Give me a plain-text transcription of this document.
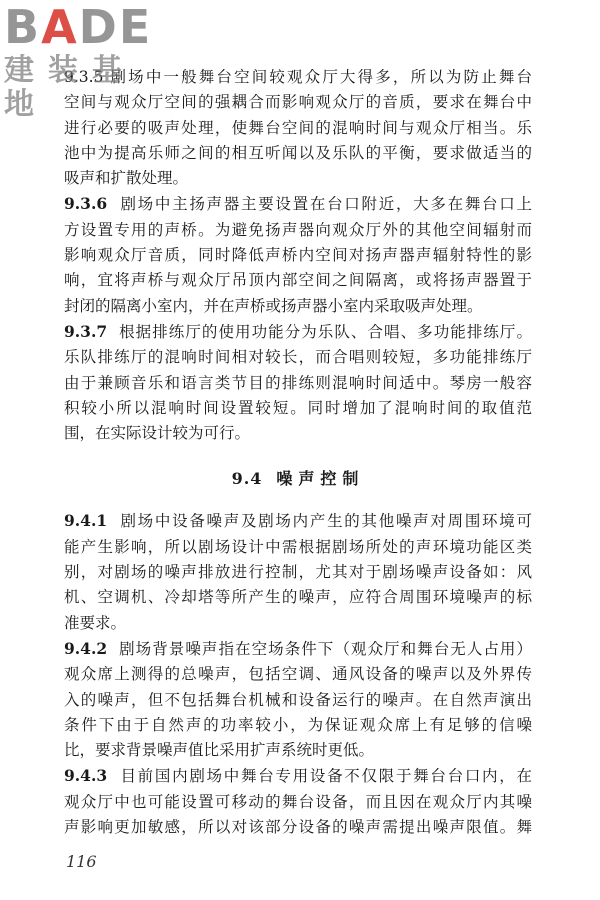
BADE
建装基地
9.3.5 剧场中一般舞台空间较观众厅大得多，所以为防止舞台
空间与观众厅空间的强耦合而影响观众厅的音质，要求在舞台中
进行必要的吸声处理，使舞台空间的混响时间与观众厅相当。乐
池中为提高乐师之间的相互听闻以及乐队的平衡，要求做适当的
吸声和扩散处理。
9.3.6 剧场中主扬声器主要设置在台口附近，大多在舞台口上
方设置专用的声桥。为避免扬声器向观众厅外的其他空间辐射而
影响观众厅音质，同时降低声桥内空间对扬声器声辐射特性的影
响，宜将声桥与观众厅吊顶内部空间之间隔离，或将扬声器置于
封闭的隔离小室内，并在声桥或扬声器小室内采取吸声处理。
9.3.7 根据排练厅的使用功能分为乐队、合唱、多功能排练厅。
乐队排练厅的混响时间相对较长，而合唱则较短，多功能排练厅
由于兼顾音乐和语言类节目的排练则混响时间适中。琴房一般容
积较小所以混响时间设置较短。同时增加了混响时间的取值范
围，在实际设计较为可行。
9.4 噪声控制
9.4.1 剧场中设备噪声及剧场内产生的其他噪声对周围环境可
能产生影响，所以剧场设计中需根据剧场所处的声环境功能区类
别，对剧场的噪声排放进行控制，尤其对于剧场噪声设备如：风
机、空调机、冷却塔等所产生的噪声，应符合周围环境噪声的标
准要求。
9.4.2 剧场背景噪声指在空场条件下（观众厅和舞台无人占用）
观众席上测得的总噪声，包括空调、通风设备的噪声以及外界传
入的噪声，但不包括舞台机械和设备运行的噪声。在自然声演出
条件下由于自然声的功率较小，为保证观众席上有足够的信噪
比，要求背景噪声值比采用扩声系统时更低。
9.4.3 目前国内剧场中舞台专用设备不仅限于舞台台口内，在
观众厅中也可能设置可移动的舞台设备，而且因在观众厅内其噪
声影响更加敏感，所以对该部分设备的噪声需提出噪声限值。舞
116
